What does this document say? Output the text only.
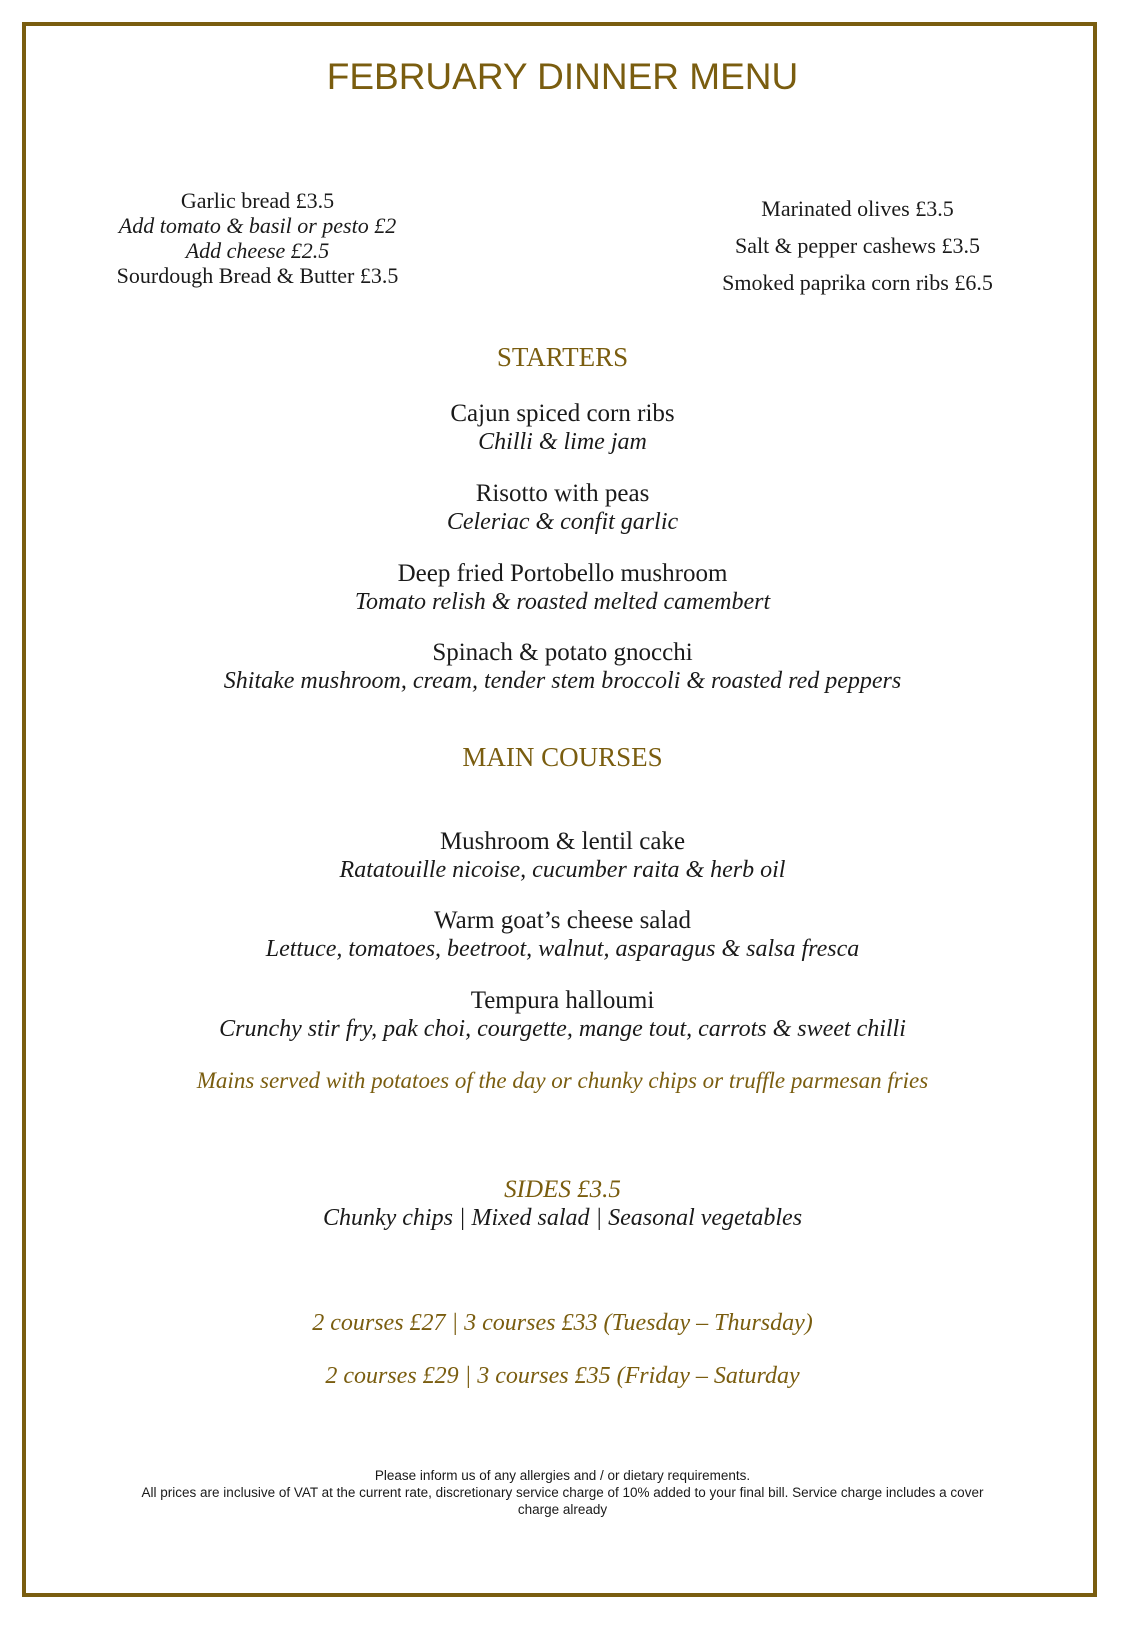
FEBRUARY DINNER MENU
Garlic bread £3.5
Add tomato & basil or pesto £2
Add cheese £2.5
Sourdough Bread & Butter £3.5
Marinated olives £3.5
Salt & pepper cashews £3.5
Smoked paprika corn ribs £6.5
STARTERS
Cajun spiced corn ribs
Chilli & lime jam
Risotto with peas
Celeriac & confit garlic
Deep fried Portobello mushroom
Tomato relish & roasted melted camembert
Spinach & potato gnocchi
Shitake mushroom, cream, tender stem broccoli & roasted red peppers
MAIN COURSES
Mushroom & lentil cake
Ratatouille nicoise, cucumber raita & herb oil
Warm goat’s cheese salad
Lettuce, tomatoes, beetroot, walnut, asparagus & salsa fresca
Tempura halloumi
Crunchy stir fry, pak choi, courgette, mange tout, carrots & sweet chilli
Mains served with potatoes of the day or chunky chips or truffle parmesan fries
SIDES £3.5
Chunky chips | Mixed salad | Seasonal vegetables
2 courses £27 | 3 courses £33 (Tuesday – Thursday)
2 courses £29 | 3 courses £35 (Friday – Saturday
Please inform us of any allergies and / or dietary requirements.
All prices are inclusive of VAT at the current rate, discretionary service charge of 10% added to your final bill. Service charge includes a cover
charge already
